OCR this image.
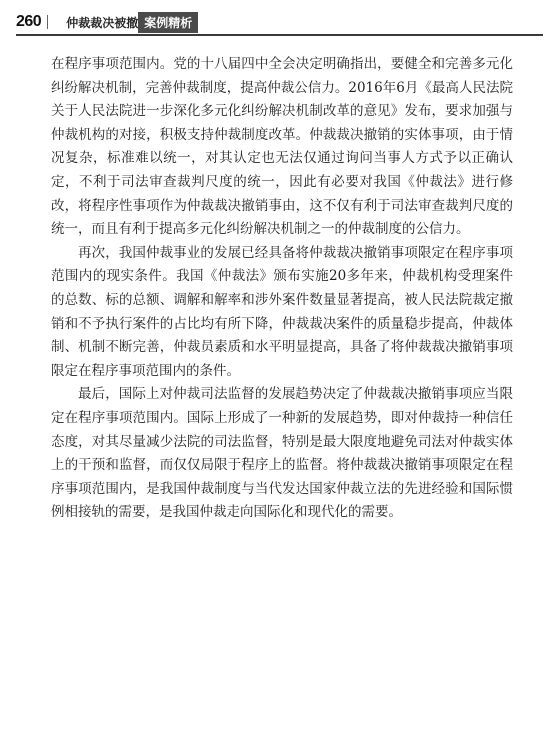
260 仲裁裁决被撤 案例精析

在程序事项范围内。党的十八届四中全会决定明确指出，要健全和完善多元化纠纷解决机制，完善仲裁制度，提高仲裁公信力。2016年6月《最高人民法院关于人民法院进一步深化多元化纠纷解决机制改革的意见》发布，要求加强与仲裁机构的对接，积极支持仲裁制度改革。仲裁裁决撤销的实体事项，由于情况复杂，标准难以统一，对其认定也无法仅通过询问当事人方式予以正确认定，不利于司法审查裁判尺度的统一，因此有必要对我国《仲裁法》进行修改，将程序性事项作为仲裁裁决撤销事由，这不仅有利于司法审查裁判尺度的统一，而且有利于提高多元化纠纷解决机制之一的仲裁制度的公信力。

再次，我国仲裁事业的发展已经具备将仲裁裁决撤销事项限定在程序事项范围内的现实条件。我国《仲裁法》颁布实施20多年来，仲裁机构受理案件的总数、标的总额、调解和解率和涉外案件数量显著提高，被人民法院裁定撤销和不予执行案件的占比均有所下降，仲裁裁决案件的质量稳步提高，仲裁体制、机制不断完善，仲裁员素质和水平明显提高，具备了将仲裁裁决撤销事项限定在程序事项范围内的条件。

最后，国际上对仲裁司法监督的发展趋势决定了仲裁裁决撤销事项应当限定在程序事项范围内。国际上形成了一种新的发展趋势，即对仲裁持一种信任态度，对其尽量减少法院的司法监督，特别是最大限度地避免司法对仲裁实体上的干预和监督，而仅仅局限于程序上的监督。将仲裁裁决撤销事项限定在程序事项范围内，是我国仲裁制度与当代发达国家仲裁立法的先进经验和国际惯例相接轨的需要，是我国仲裁走向国际化和现代化的需要。
